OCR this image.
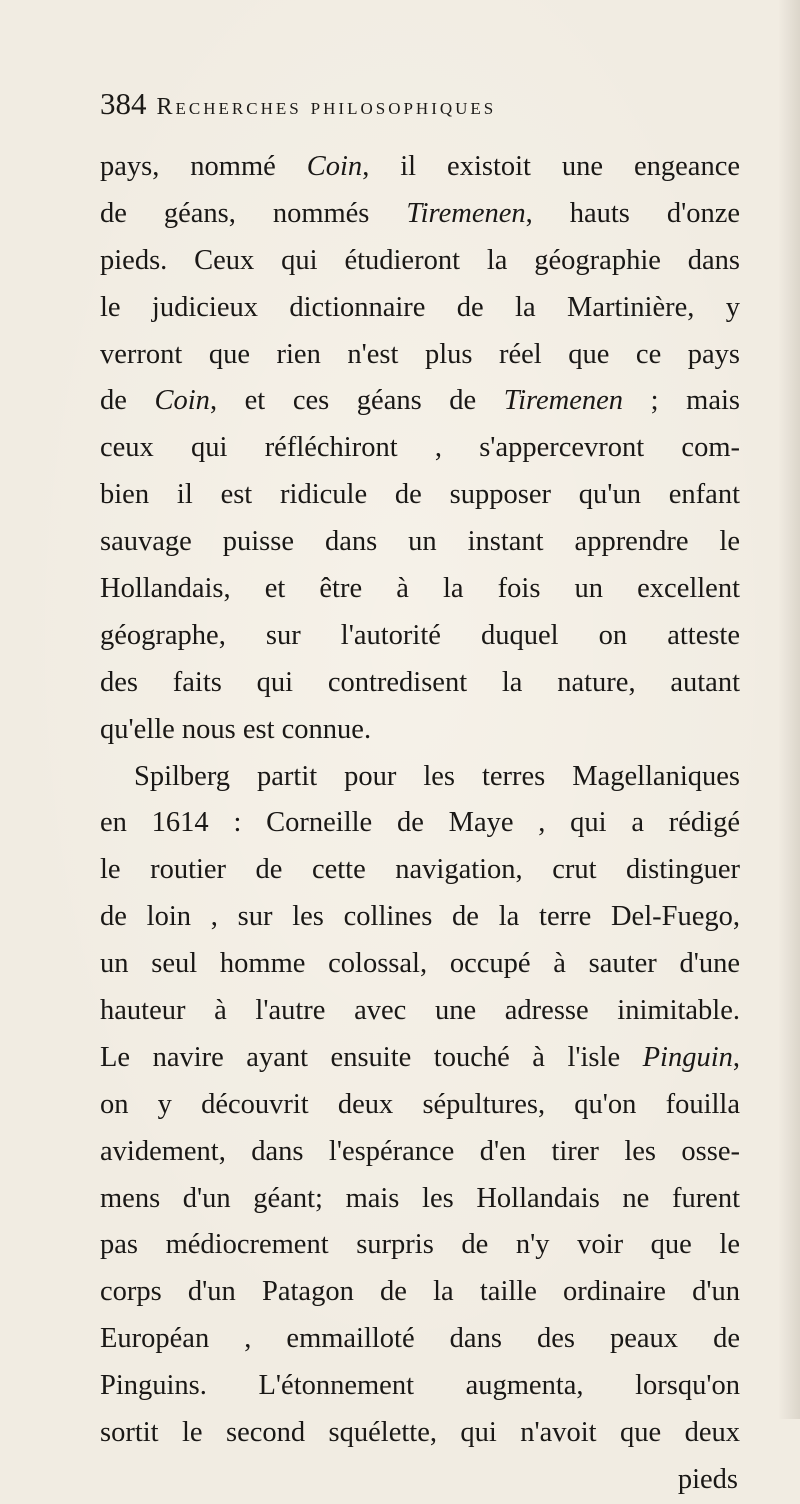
384 Recherches philosophiques
pays, nommé Coin, il existoit une engeance
de géans, nommés Tiremenen, hauts d'onze
pieds. Ceux qui étudieront la géographie dans
le judicieux dictionnaire de la Martinière, y
verront que rien n'est plus réel que ce pays
de Coin, et ces géans de Tiremenen ; mais
ceux qui réfléchiront , s'appercevront com-
bien il est ridicule de supposer qu'un enfant
sauvage puisse dans un instant apprendre le
Hollandais, et être à la fois un excellent
géographe, sur l'autorité duquel on atteste
des faits qui contredisent la nature, autant
qu'elle nous est connue.
Spilberg partit pour les terres Magellaniques
en 1614 : Corneille de Maye , qui a rédigé
le routier de cette navigation, crut distinguer
de loin , sur les collines de la terre Del-Fuego,
un seul homme colossal, occupé à sauter d'une
hauteur à l'autre avec une adresse inimitable.
Le navire ayant ensuite touché à l'isle Pinguin,
on y découvrit deux sépultures, qu'on fouilla
avidement, dans l'espérance d'en tirer les osse-
mens d'un géant; mais les Hollandais ne furent
pas médiocrement surpris de n'y voir que le
corps d'un Patagon de la taille ordinaire d'un
Européan , emmailloté dans des peaux de
Pinguins. L'étonnement augmenta, lorsqu'on
sortit le second squélette, qui n'avoit que deux
pieds
